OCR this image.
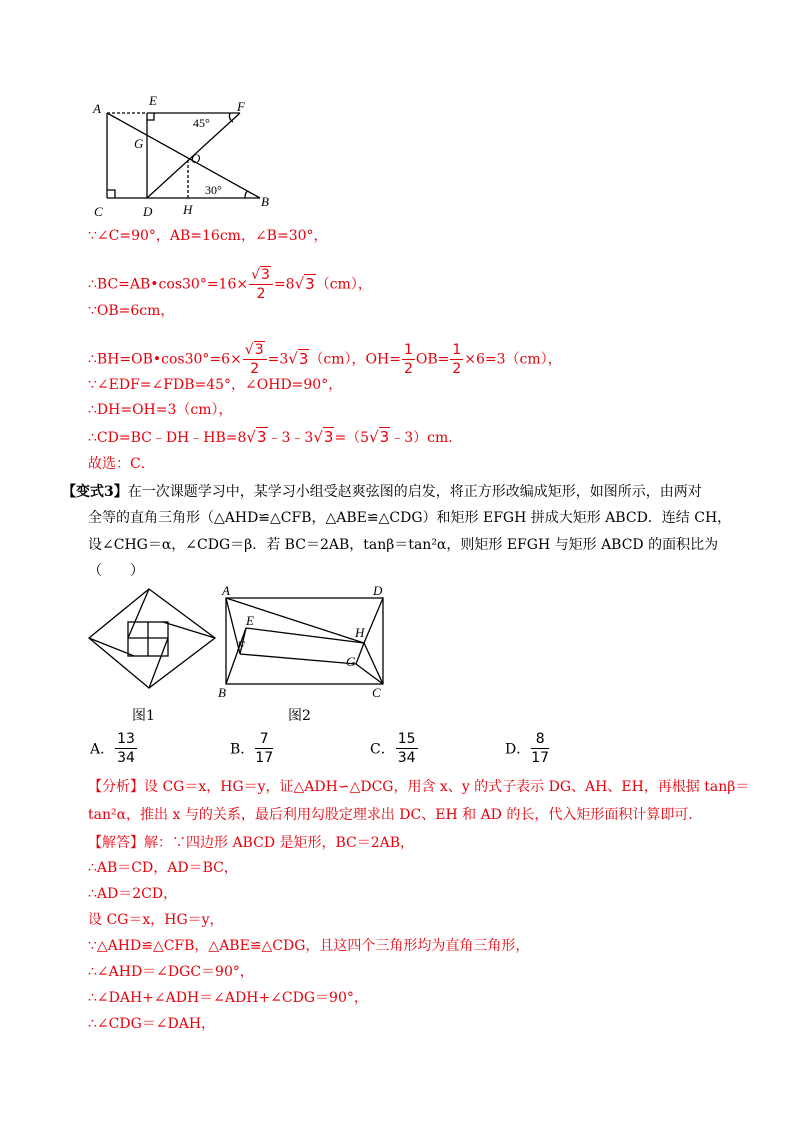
A
E	F
G
O
C	D H
B
45°
30°
∵∠C=90°，AB=16cm，∠B=30°，
∴BC=AB•cos30°=16× $\frac{√3}{2} =8√3(cm)$，
∵OB=6cm，
∴BH=OB•cos30°=6× $\frac{√3}{2} =3√3(cm)$，$OH= \frac{1}{2} OB= \frac{1}{2} \times 6=3(cm)$，
∵∠EDF=∠FDB=45°，∠OHD=90°，
∴DH=OH=3（cm），
∴CD=BC﹣DH﹣HB=8√3﹣3﹣3√3=（5√3﹣3）cm．
故选：C．
【变式3】在一次课题学习中，某学习小组受赵爽弦图的启发，将正方形改编成矩形，如图所示，由两对
全等的直角三角形（△AHD≌△CFB，△ABE≌△CDG）和矩形 EFGH 拼成大矩形 ABCD．连结 CH，
设∠CHG＝α，∠CDG＝β．若 BC＝2AB，tanβ＝tan²α，则矩形 EFGH 与矩形 ABCD 的面积比为
（　　）
图1
A	D
E
H
F
G
B	C
图2
A． $\frac{13}{34}$	B． $\frac{7}{17}$	C． $\frac{15}{34}$	D． $\frac{8}{17}$
【分析】设 CG＝x，HG＝y，证△ADH∽△DCG，用含 x、y 的式子表示 DG、AH、EH，再根据 tanβ＝
tan²α，推出 x 与的关系，最后利用勾股定理求出 DC、EH 和 AD 的长，代入矩形面积计算即可．
【解答】解：∵四边形 ABCD 是矩形，BC＝2AB，
∴AB＝CD，AD＝BC，
∴AD＝2CD，
设 CG＝x，HG＝y，
∵△AHD≌△CFB，△ABE≌△CDG，且这四个三角形均为直角三角形，
∴∠AHD＝∠DGC＝90°，
∴∠DAH+∠ADH＝∠ADH+∠CDG＝90°，
∴∠CDG＝∠DAH，
